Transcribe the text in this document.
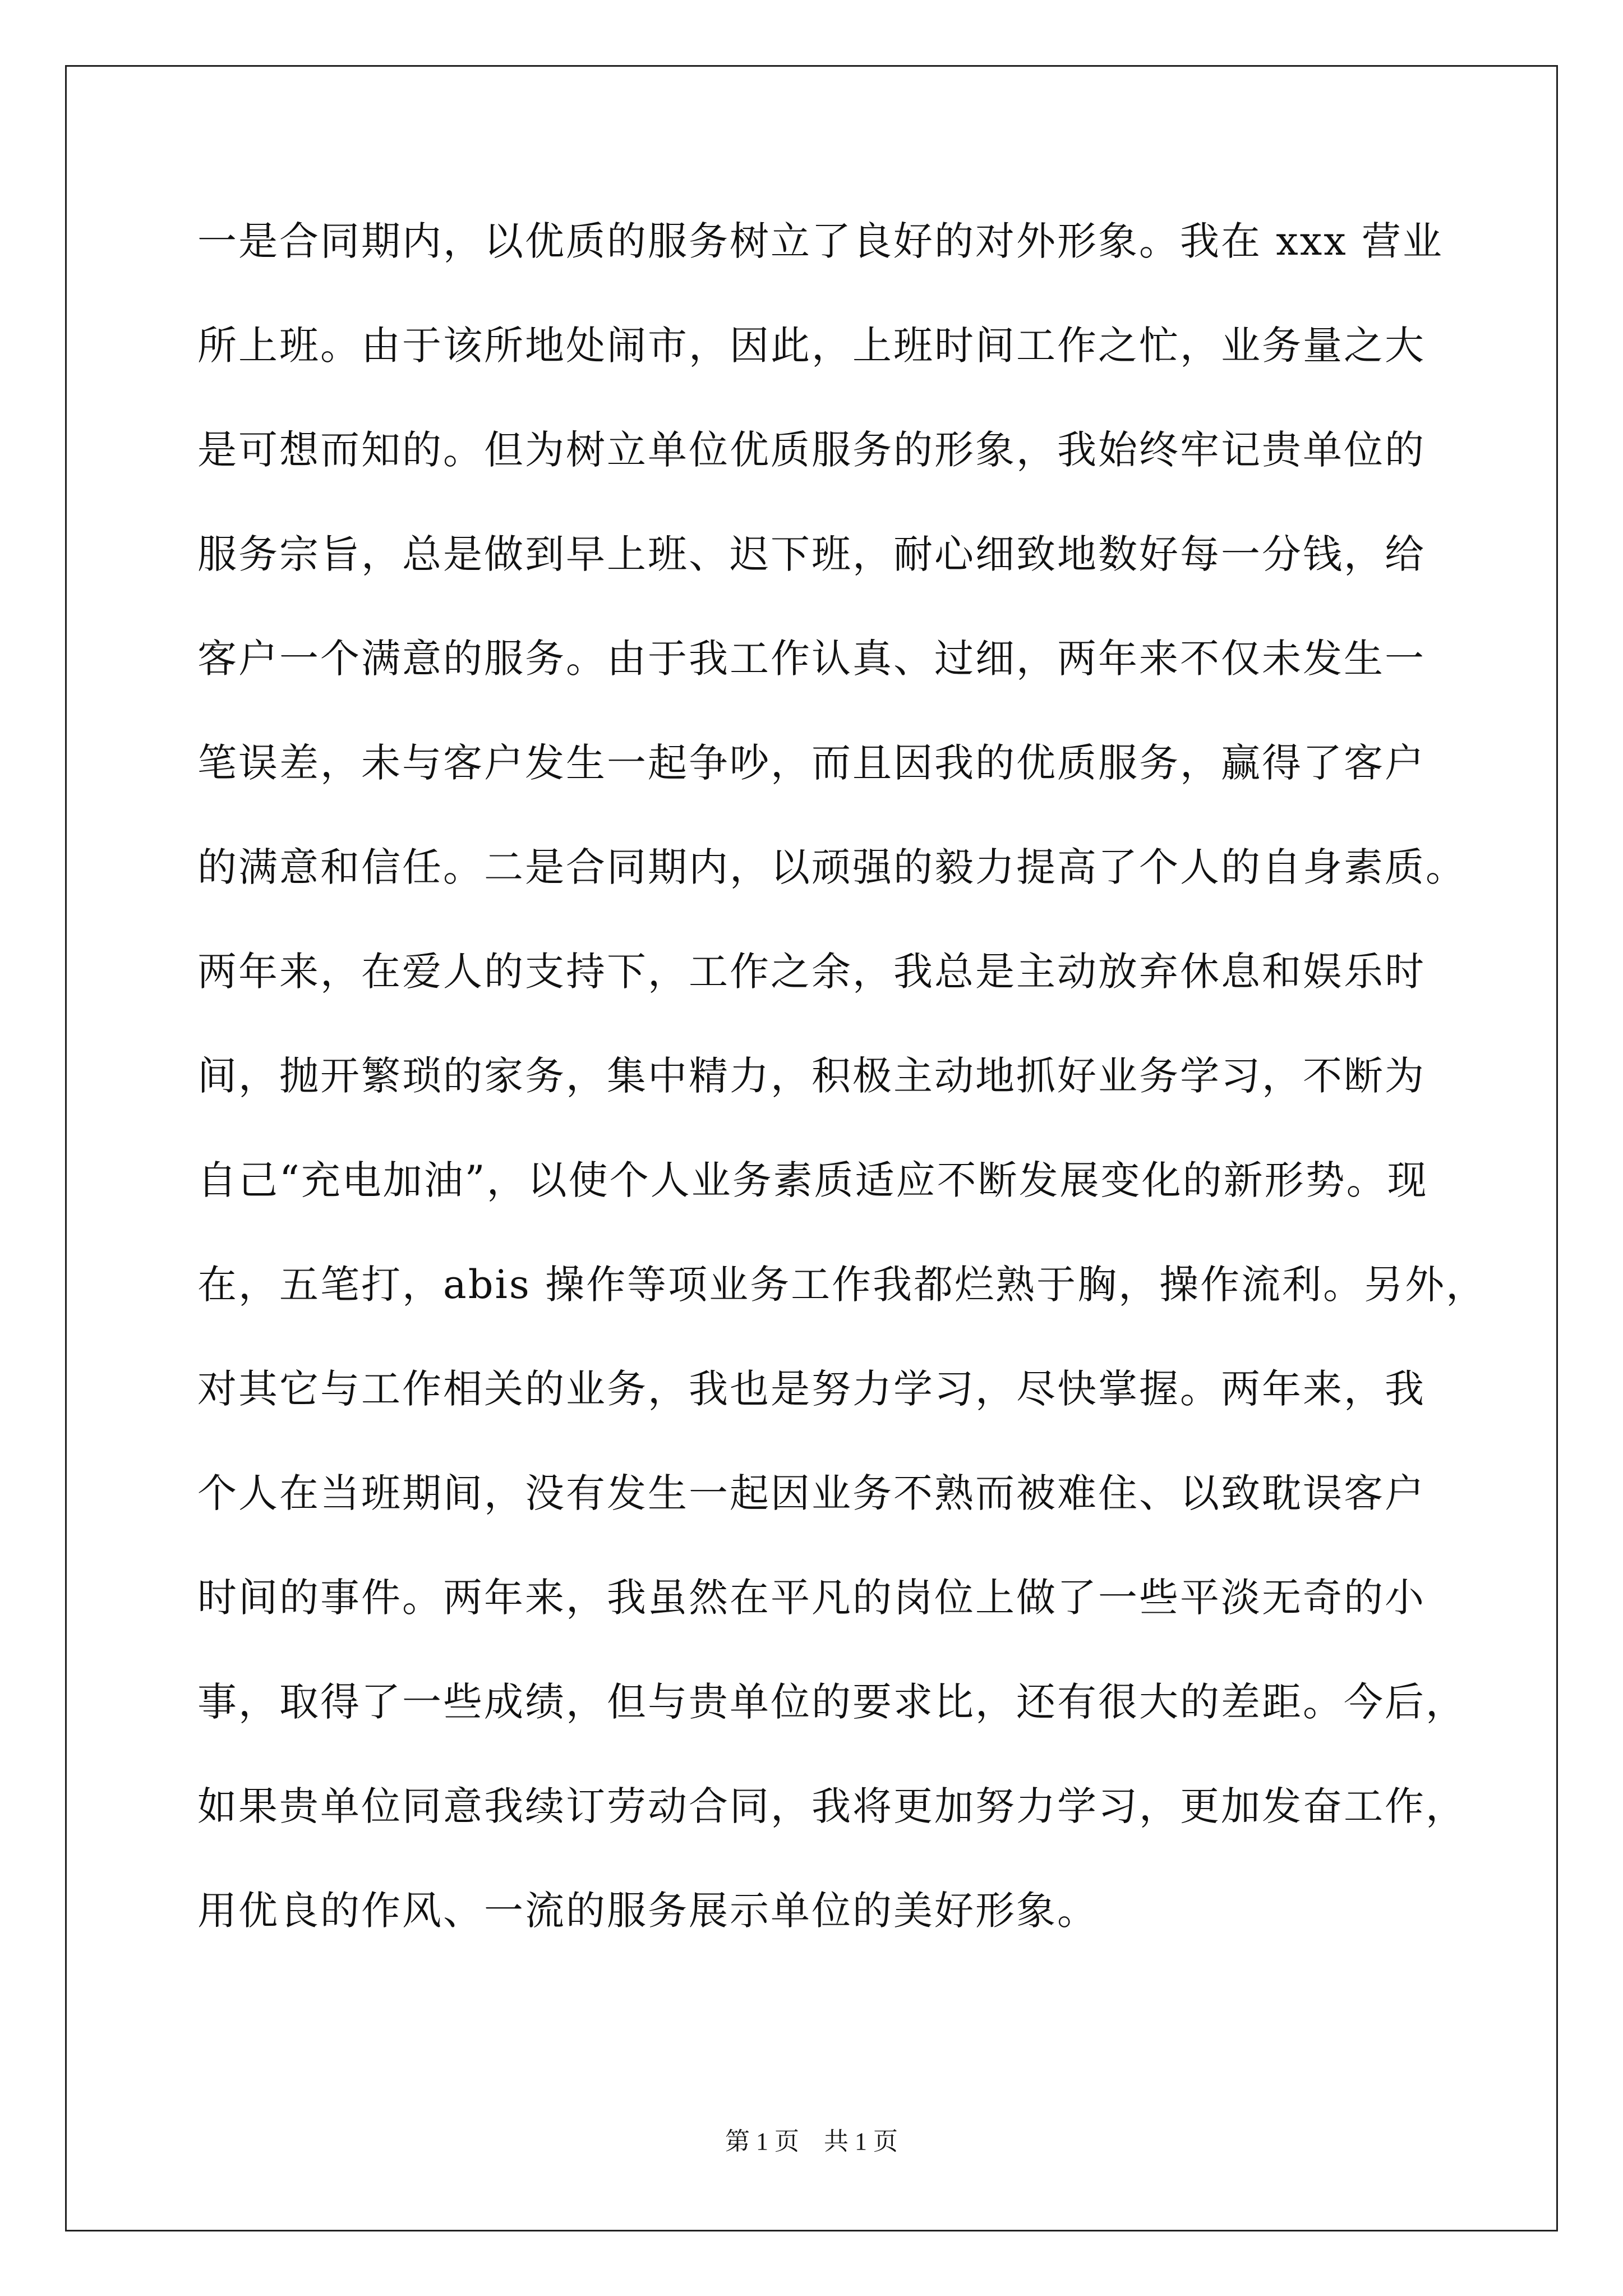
一是合同期内，以优质的服务树立了良好的对外形象。我在 xxx 营业
所上班。由于该所地处闹市，因此，上班时间工作之忙，业务量之大
是可想而知的。但为树立单位优质服务的形象，我始终牢记贵单位的
服务宗旨，总是做到早上班、迟下班，耐心细致地数好每一分钱，给
客户一个满意的服务。由于我工作认真、过细，两年来不仅未发生一
笔误差，未与客户发生一起争吵，而且因我的优质服务，赢得了客户
的满意和信任。二是合同期内，以顽强的毅力提高了个人的自身素质。
两年来，在爱人的支持下，工作之余，我总是主动放弃休息和娱乐时
间，抛开繁琐的家务，集中精力，积极主动地抓好业务学习，不断为
自己“充电加油”，以使个人业务素质适应不断发展变化的新形势。现
在，五笔打，abis 操作等项业务工作我都烂熟于胸，操作流利。另外，
对其它与工作相关的业务，我也是努力学习，尽快掌握。两年来，我
个人在当班期间，没有发生一起因业务不熟而被难住、以致耽误客户
时间的事件。两年来，我虽然在平凡的岗位上做了一些平淡无奇的小
事，取得了一些成绩，但与贵单位的要求比，还有很大的差距。今后，
如果贵单位同意我续订劳动合同，我将更加努力学习，更加发奋工作，
用优良的作风、一流的服务展示单位的美好形象。
第 1 页　共 1 页
